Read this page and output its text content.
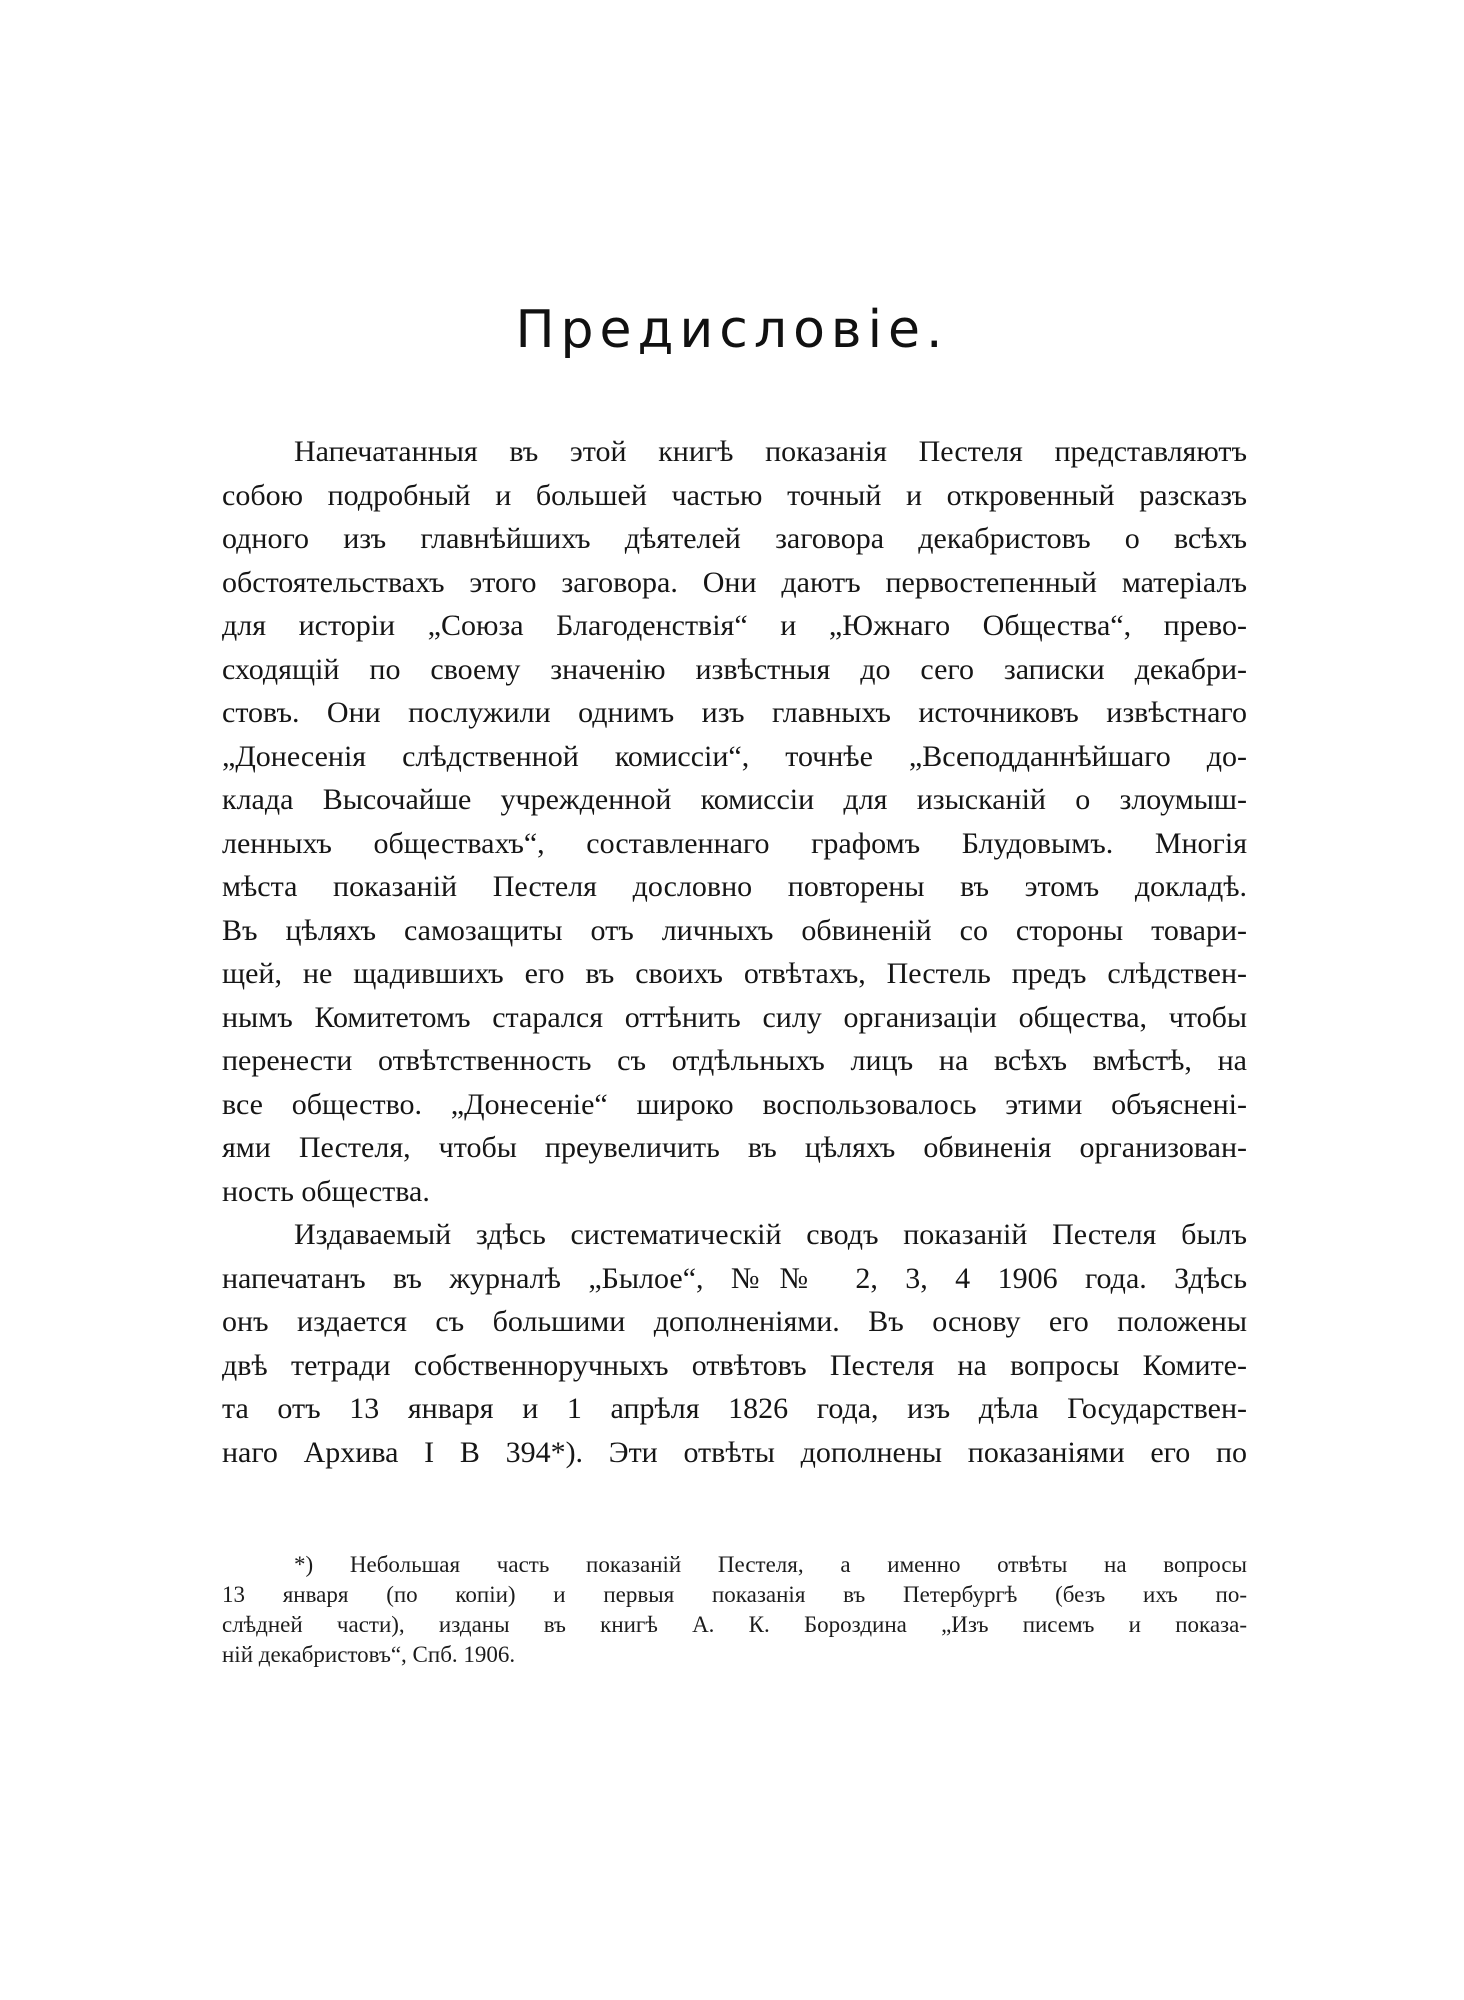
Предисловіе.
Напечатанныя въ этой книгѣ показанія Пестеля представляютъ
собою подробный и большей частью точный и откровенный разсказъ
одного изъ главнѣйшихъ дѣятелей заговора декабристовъ о всѣхъ
обстоятельствахъ этого заговора. Они даютъ первостепенный матеріалъ
для исторіи „Союза Благоденствія“ и „Южнаго Общества“, прево-
сходящій по своему значенію извѣстныя до сего записки декабри-
стовъ. Они послужили однимъ изъ главныхъ источниковъ извѣстнаго
„Донесенія слѣдственной комиссіи“, точнѣе „Всеподданнѣйшаго до-
клада Высочайше учрежденной комиссіи для изысканій о злоумыш-
ленныхъ обществахъ“, составленнаго графомъ Блудовымъ. Многія
мѣста показаній Пестеля дословно повторены въ этомъ докладѣ.
Въ цѣляхъ самозащиты отъ личныхъ обвиненій со стороны товари-
щей, не щадившихъ его въ своихъ отвѣтахъ, Пестель предъ слѣдствен-
нымъ Комитетомъ старался оттѣнить силу организаціи общества, чтобы
перенести отвѣтственность съ отдѣльныхъ лицъ на всѣхъ вмѣстѣ, на
все общество. „Донесеніе“ широко воспользовалось этими объясненi-
ями Пестеля, чтобы преувеличить въ цѣляхъ обвиненія организован-
ность общества.
Издаваемый здѣсь систематическій сводъ показаній Пестеля былъ
напечатанъ въ журналѣ „Былое“, №№ 2, 3, 4 1906 года. Здѣсь
онъ издается съ большими дополненіями. Въ основу его положены
двѣ тетради собственноручныхъ отвѣтовъ Пестеля на вопросы Комите-
та отъ 13 января и 1 апрѣля 1826 года, изъ дѣла Государствен-
наго Архива I В 394*). Эти отвѣты дополнены показаніями его по
*) Небольшая часть показаній Пестеля, а именно отвѣты на вопросы
13 января (по копіи) и первыя показанія въ Петербургѣ (безъ ихъ по-
слѣдней части), изданы въ книгѣ А. К. Бороздина „Изъ писемъ и показа-
ній декабристовъ“, Спб. 1906.
